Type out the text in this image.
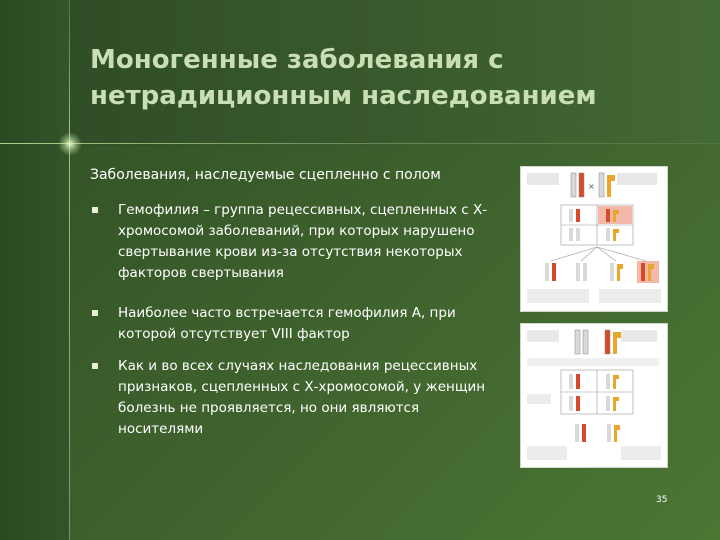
Моногенные заболевания с нетрадиционным наследованием
Заболевания, наследуемые сцепленно с полом
Гемофилия – группа рецессивных, сцепленных с Х-хромосомой заболеваний, при которых нарушено свертывание крови из-за отсутствия некоторых факторов свертывания
Наиболее часто встречается гемофилия А, при которой отсутствует VIII фактор
Как и во всех случаях наследования рецессивных признаков, сцепленных с Х-хромосомой, у женщин болезнь не проявляется, но они являются носителями
×
35
